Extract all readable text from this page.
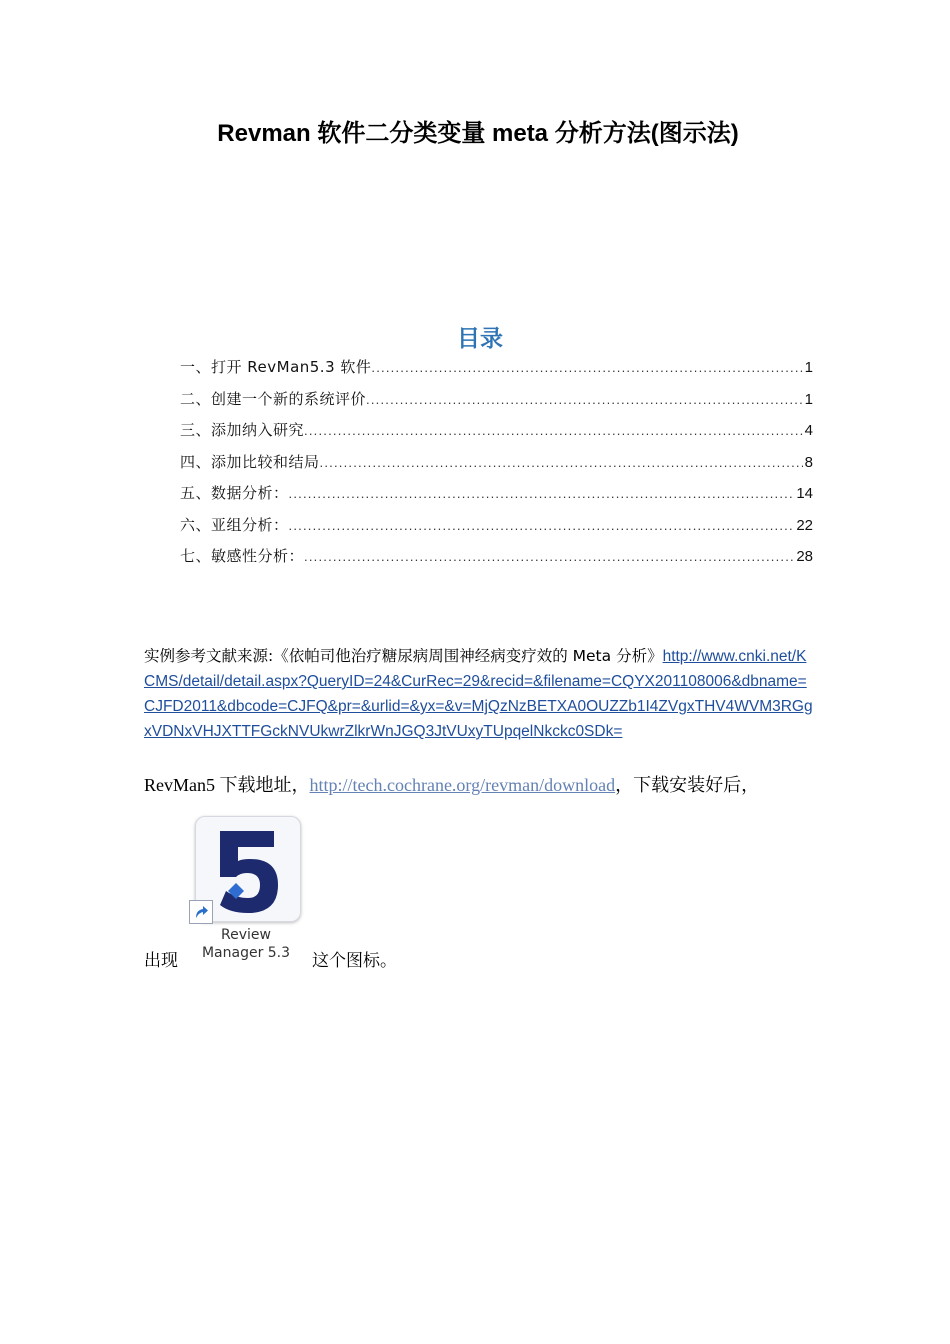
Revman 软件二分类变量 meta 分析方法(图示法)
目录
一、打开 RevMan5.3 软件 .....	1
二、创建一个新的系统评价 .....	1
三、添加纳入研究 .....	4
四、添加比较和结局 .....	8
五、数据分析： .....	14
六、亚组分析： .....	22
七、敏感性分析： .....	28

实例参考文献来源:《依帕司他治疗糖尿病周围神经病变疗效的 Meta 分析》http://www.cnki.net/KCMS/detail/detail.aspx?QueryID=24&CurRec=29&recid=&filename=CQYX201108006&dbname=CJFD2011&dbcode=CJFQ&pr=&urlid=&yx=&v=MjQzNzBETXA0OUZZb1I4ZVgxTHV4WVM3RGgxVDNxVHJXTTFGckNVUkwrZlkrWnJGQ3JtVUxyTUpqelNkckc0SDk=

RevMan5 下载地址，http://tech.cochrane.org/revman/download，下载安装好后，

出现

Review
Manager 5.3	这个图标。
